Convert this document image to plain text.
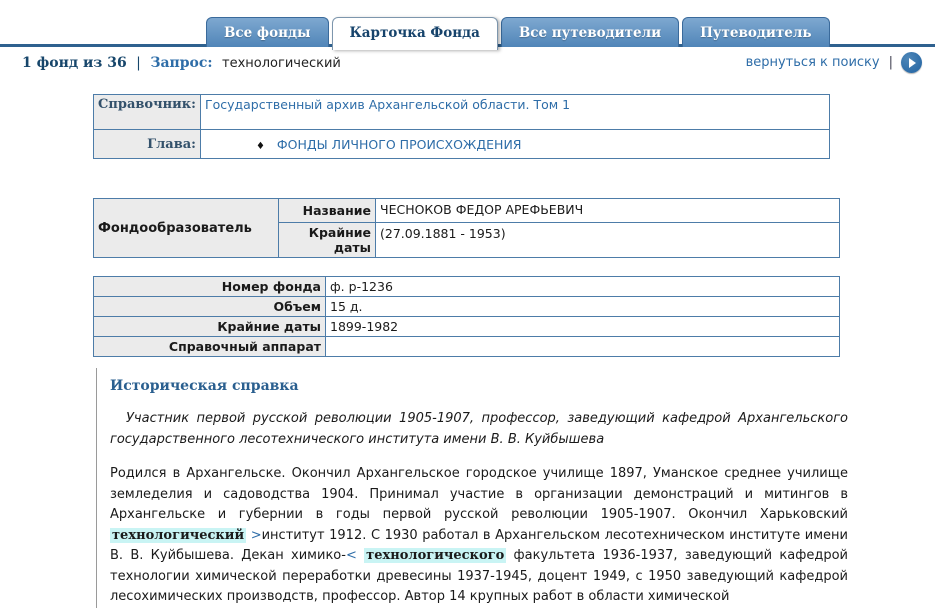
Все фонды	Карточка Фонда	Все путеводители	Путеводитель
1 фонд из 36 | Запрос: технологический	вернуться к поиску |
Справочник:	Государственный архив Архангельской области. Том 1
Глава:	♦ ФОНДЫ ЛИЧНОГО ПРОИСХОЖДЕНИЯ
Фондообразователь	Название	ЧЕСНОКОВ ФЕДОР АРЕФЬЕВИЧ
	Крайние даты	(27.09.1881 - 1953)
Номер фонда	ф. р-1236
Объем	15 д.
Крайние даты	1899-1982
Справочный аппарат	
Историческая справка

Участник первой русской революции 1905-1907, профессор, заведующий кафедрой Архангельского государственного лесотехнического института имени В. В. Куйбышева

Родился в Архангельске. Окончил Архангельское городское училище 1897, Уманское среднее училище земледелия и садоводства 1904. Принимал участие в организации демонстраций и митингов в Архангельске и губернии в годы первой русской революции 1905-1907. Окончил Харьковский технологический >институт 1912. С 1930 работал в Архангельском лесотехническом институте имени В. В. Куйбышева. Декан химико-< технологического факультета 1936-1937, заведующий кафедрой технологии химической переработки древесины 1937-1945, доцент 1949, с 1950 заведующий кафедрой лесохимических производств, профессор. Автор 14 крупных работ в области химической
